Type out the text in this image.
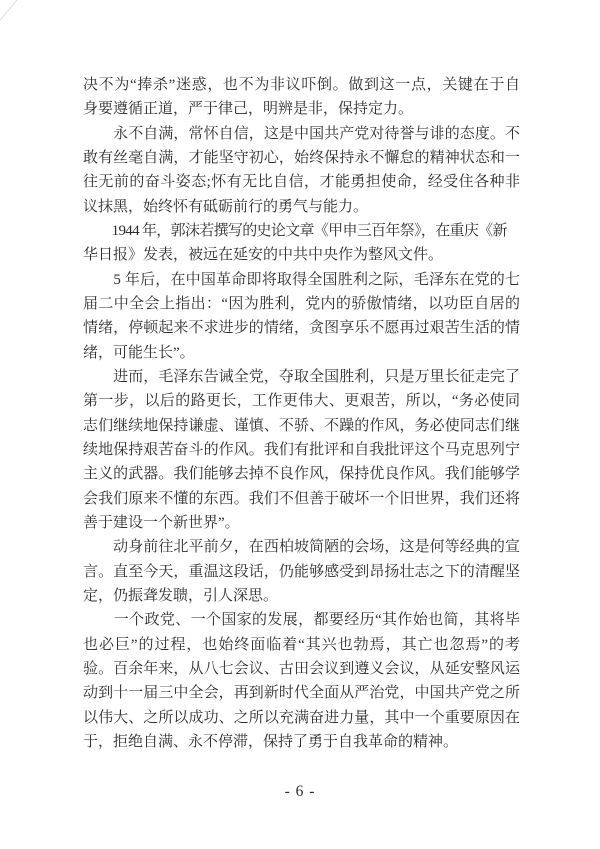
决不为“捧杀”迷惑，也不为非议吓倒。做到这一点，关键在于自
身要遵循正道，严于律己，明辨是非，保持定力。
　　永不自满，常怀自信，这是中国共产党对待誉与诽的态度。不
敢有丝毫自满，才能坚守初心，始终保持永不懈怠的精神状态和一
往无前的奋斗姿态;怀有无比自信，才能勇担使命，经受住各种非
议抹黑，始终怀有砥砺前行的勇气与能力。
　　1944 年，郭沫若撰写的史论文章《甲申三百年祭》，在重庆《新
华日报》发表，被远在延安的中共中央作为整风文件。
　　5 年后，在中国革命即将取得全国胜利之际，毛泽东在党的七
届二中全会上指出：“因为胜利，党内的骄傲情绪，以功臣自居的
情绪，停顿起来不求进步的情绪，贪图享乐不愿再过艰苦生活的情
绪，可能生长”。
　　进而，毛泽东告诫全党，夺取全国胜利，只是万里长征走完了
第一步，以后的路更长，工作更伟大、更艰苦，所以，“务必使同
志们继续地保持谦虚、谨慎、不骄、不躁的作风，务必使同志们继
续地保持艰苦奋斗的作风。我们有批评和自我批评这个马克思列宁
主义的武器。我们能够去掉不良作风，保持优良作风。我们能够学
会我们原来不懂的东西。我们不但善于破坏一个旧世界，我们还将
善于建设一个新世界”。
　　动身前往北平前夕，在西柏坡简陋的会场，这是何等经典的宣
言。直至今天，重温这段话，仍能够感受到昂扬壮志之下的清醒坚
定，仍振聋发聩，引人深思。
　　一个政党、一个国家的发展，都要经历“其作始也简，其将毕
也必巨”的过程，也始终面临着“其兴也勃焉，其亡也忽焉”的考
验。百余年来，从八七会议、古田会议到遵义会议，从延安整风运
动到十一届三中全会，再到新时代全面从严治党，中国共产党之所
以伟大、之所以成功、之所以充满奋进力量，其中一个重要原因在
于，拒绝自满、永不停滞，保持了勇于自我革命的精神。
- 6 -
